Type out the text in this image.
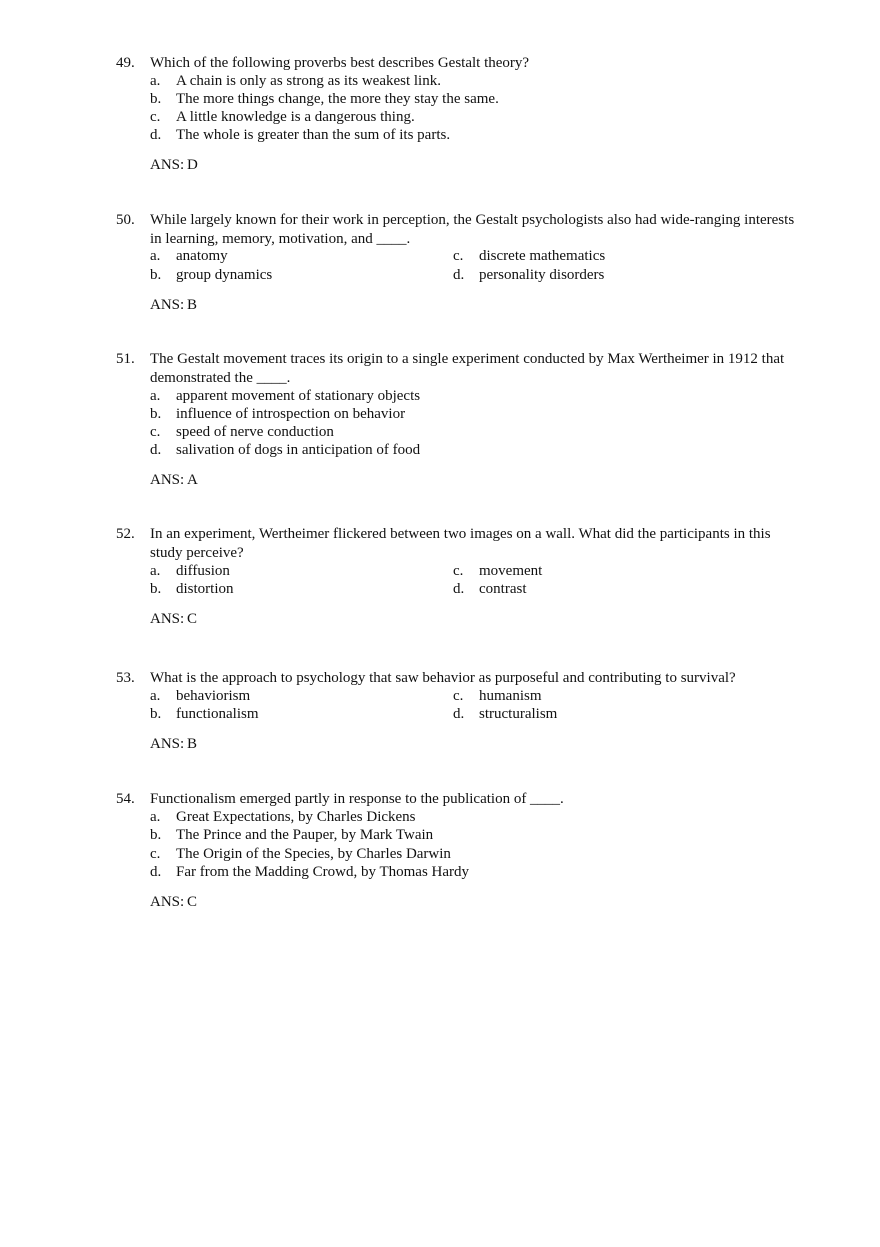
49. Which of the following proverbs best describes Gestalt theory?
a. A chain is only as strong as its weakest link.
b. The more things change, the more they stay the same.
c. A little knowledge is a dangerous thing.
d. The whole is greater than the sum of its parts.
ANS: D
50. While largely known for their work in perception, the Gestalt psychologists also had wide-ranging interests in learning, memory, motivation, and ____.
a. anatomy
b. group dynamics
c. discrete mathematics
d. personality disorders
ANS: B
51. The Gestalt movement traces its origin to a single experiment conducted by Max Wertheimer in 1912 that demonstrated the ____.
a. apparent movement of stationary objects
b. influence of introspection on behavior
c. speed of nerve conduction
d. salivation of dogs in anticipation of food
ANS: A
52. In an experiment, Wertheimer flickered between two images on a wall. What did the participants in this study perceive?
a. diffusion
b. distortion
c. movement
d. contrast
ANS: C
53. What is the approach to psychology that saw behavior as purposeful and contributing to survival?
a. behaviorism
b. functionalism
c. humanism
d. structuralism
ANS: B
54. Functionalism emerged partly in response to the publication of ____.
a. Great Expectations, by Charles Dickens
b. The Prince and the Pauper, by Mark Twain
c. The Origin of the Species, by Charles Darwin
d. Far from the Madding Crowd, by Thomas Hardy
ANS: C
